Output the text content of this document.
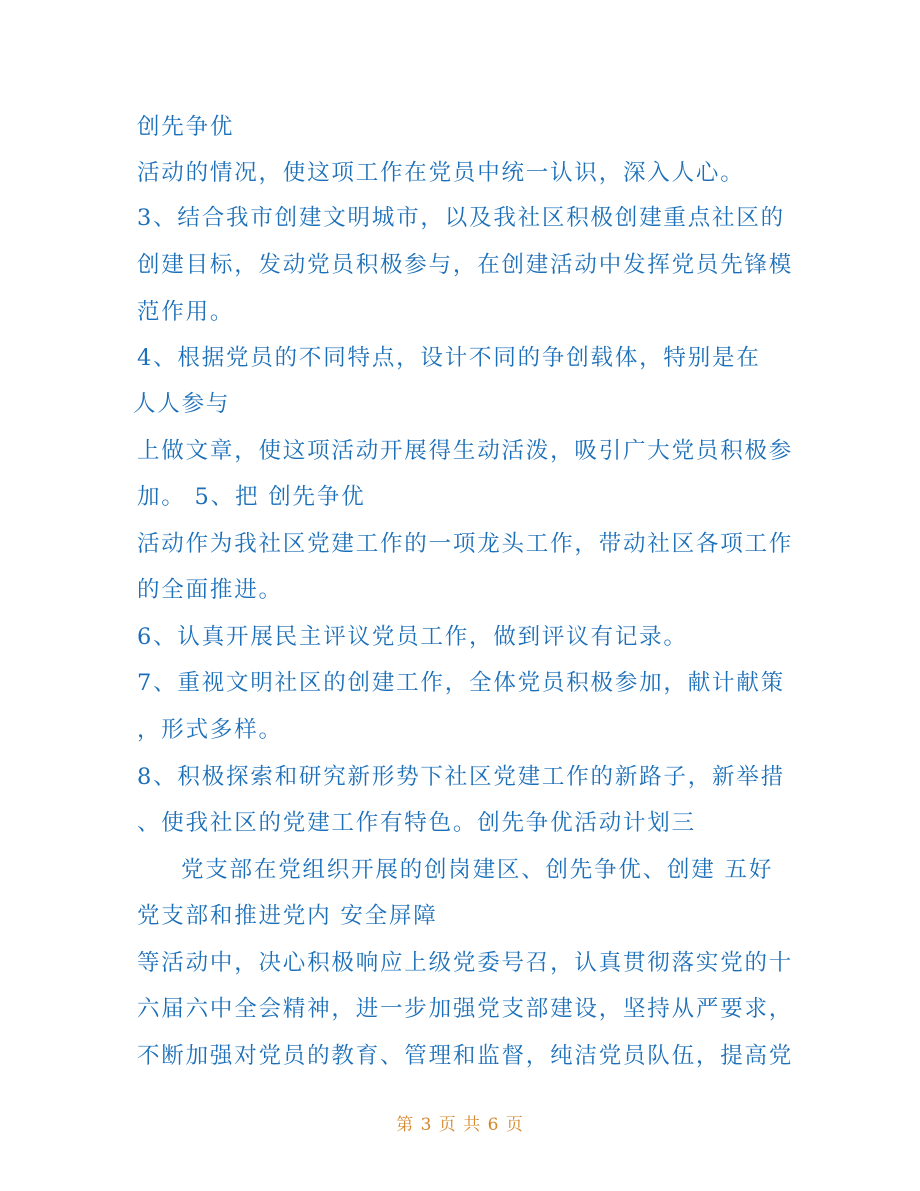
创先争优
活动的情况，使这项工作在党员中统一认识，深入人心。
3、结合我市创建文明城市，以及我社区积极创建重点社区的
创建目标，发动党员积极参与，在创建活动中发挥党员先锋模
范作用。
4、根据党员的不同特点，设计不同的争创载体，特别是在
人人参与
上做文章，使这项活动开展得生动活泼，吸引广大党员积极参
加。 5、把 创先争优
活动作为我社区党建工作的一项龙头工作，带动社区各项工作
的全面推进。
6、认真开展民主评议党员工作，做到评议有记录。
7、重视文明社区的创建工作，全体党员积极参加，献计献策
，形式多样。
8、积极探索和研究新形势下社区党建工作的新路子，新举措
、使我社区的党建工作有特色。创先争优活动计划三
党支部在党组织开展的创岗建区、创先争优、创建 五好
党支部和推进党内 安全屏障
等活动中，决心积极响应上级党委号召，认真贯彻落实党的十
六届六中全会精神，进一步加强党支部建设，坚持从严要求，
不断加强对党员的教育、管理和监督，纯洁党员队伍，提高党
第 3 页 共 6 页
